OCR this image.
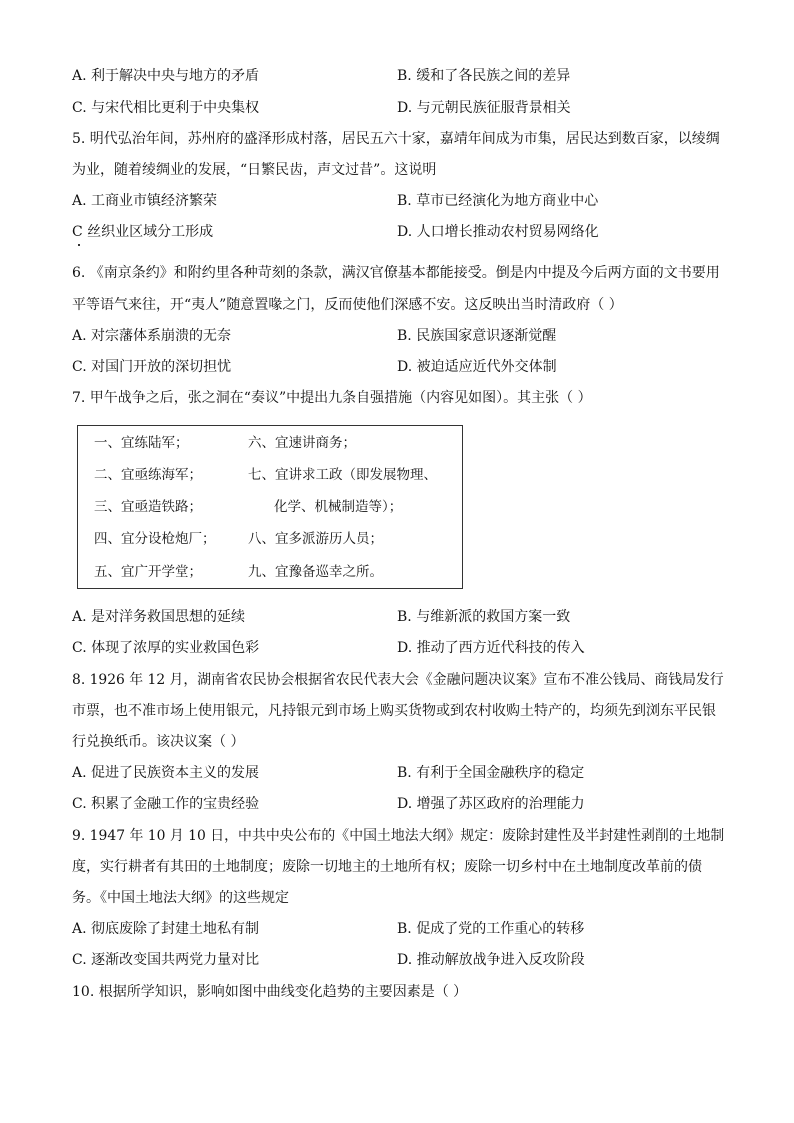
A. 利于解决中央与地方的矛盾	B. 缓和了各民族之间的差异
C. 与宋代相比更利于中央集权	D. 与元朝民族征服背景相关
5. 明代弘治年间，苏州府的盛泽形成村落，居民五六十家，嘉靖年间成为市集，居民达到数百家，以绫绸
为业，随着绫绸业的发展，“日繁民齿，声文过昔”。这说明
A. 工商业市镇经济繁荣	B. 草市已经演化为地方商业中心
C 丝织业区域分工形成	D. 人口增长推动农村贸易网络化
6. 《南京条约》和附约里各种苛刻的条款，满汉官僚基本都能接受。倒是内中提及今后两方面的文书要用
平等语气来往，开“夷人”随意置喙之门，反而使他们深感不安。这反映出当时清政府（ ）
A. 对宗藩体系崩溃的无奈	B. 民族国家意识逐渐觉醒
C. 对国门开放的深切担忧	D. 被迫适应近代外交体制
7. 甲午战争之后，张之洞在“奏议”中提出九条自强措施（内容见如图）。其主张（ ）
一、宜练陆军；	六、宜速讲商务；
二、宜亟练海军；	七、宜讲求工政（即发展物理、
三、宜亟造铁路；	化学、机械制造等）；
四、宜分设枪炮厂； 八、宜多派游历人员；
五、宜广开学堂；	九、宜豫备巡幸之所。
A. 是对洋务救国思想的延续	B. 与维新派的救国方案一致
C. 体现了浓厚的实业救国色彩	D. 推动了西方近代科技的传入
8. 1926 年 12 月，湖南省农民协会根据省农民代表大会《金融问题决议案》宣布不准公钱局、商钱局发行
市票，也不准市场上使用银元，凡持银元到市场上购买货物或到农村收购土特产的，均须先到浏东平民银
行兑换纸币。该决议案（ ）
A. 促进了民族资本主义的发展	B. 有利于全国金融秩序的稳定
C. 积累了金融工作的宝贵经验	D. 增强了苏区政府的治理能力
9. 1947 年 10 月 10 日，中共中央公布的《中国土地法大纲》规定：废除封建性及半封建性剥削的土地制
度，实行耕者有其田的土地制度；废除一切地主的土地所有权；废除一切乡村中在土地制度改革前的债
务。《中国土地法大纲》的这些规定
A. 彻底废除了封建土地私有制	B. 促成了党的工作重心的转移
C. 逐渐改变国共两党力量对比	D. 推动解放战争进入反攻阶段
10. 根据所学知识，影响如图中曲线变化趋势的主要因素是（ ）
